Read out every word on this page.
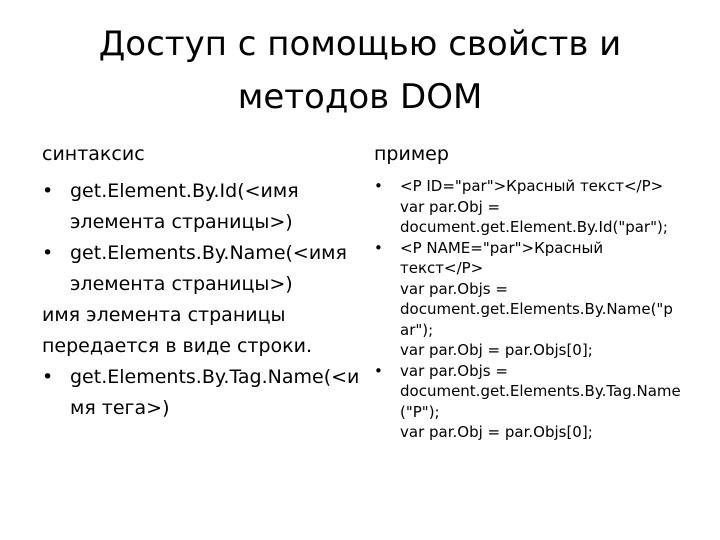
Доступ с помощью свойств и
методов DOM
синтаксис	пример
• get.Element.By.Id(<имя
элемента страницы>)
• get.Elements.By.Name(<имя
элемента страницы>)
имя элемента страницы
передается в виде строки.
• get.Elements.By.Tag.Name(<и
мя тега>)
•	<P ID="par">Красный текст</P>
var par.Obj =
document.get.Element.By.Id("par");
•	<P NAME="par">Красный
текст</P>
var par.Objs =
document.get.Elements.By.Name("p
ar");
var par.Obj = par.Objs[0];
•	var par.Objs =
document.get.Elements.By.Tag.Name
("P");
var par.Obj = par.Objs[0];
